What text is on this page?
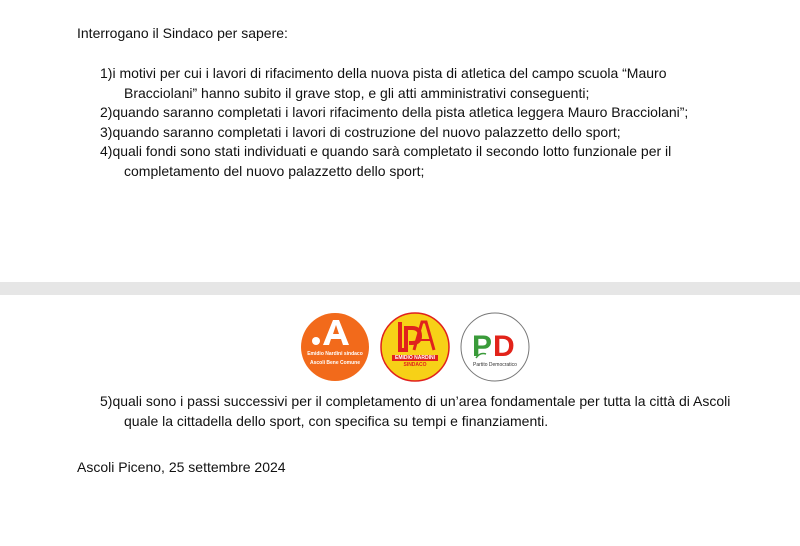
Interrogano il Sindaco per sapere:

1)i motivi per cui i lavori di rifacimento della nuova pista di atletica del campo scuola “Mauro Bracciolani” hanno subito il grave stop, e gli atti amministrativi conseguenti;

2)quando saranno completati i lavori rifacimento della pista atletica leggera Mauro Bracciolani”;

3)quando saranno completati i lavori di costruzione del nuovo palazzetto dello sport;

4)quali fondi sono stati individuati e quando sarà completato il secondo lotto funzionale per il completamento del nuovo palazzetto dello sport;

Emidio Nardini sindaco
Ascoli Bene Comune
EMIDIO NARDINI
SINDACO
P D
Partito Democratico

5)quali sono i passi successivi per il completamento di un’area fondamentale per tutta la città di Ascoli quale la cittadella dello sport, con specifica su tempi e finanziamenti.

Ascoli Piceno, 25 settembre 2024
